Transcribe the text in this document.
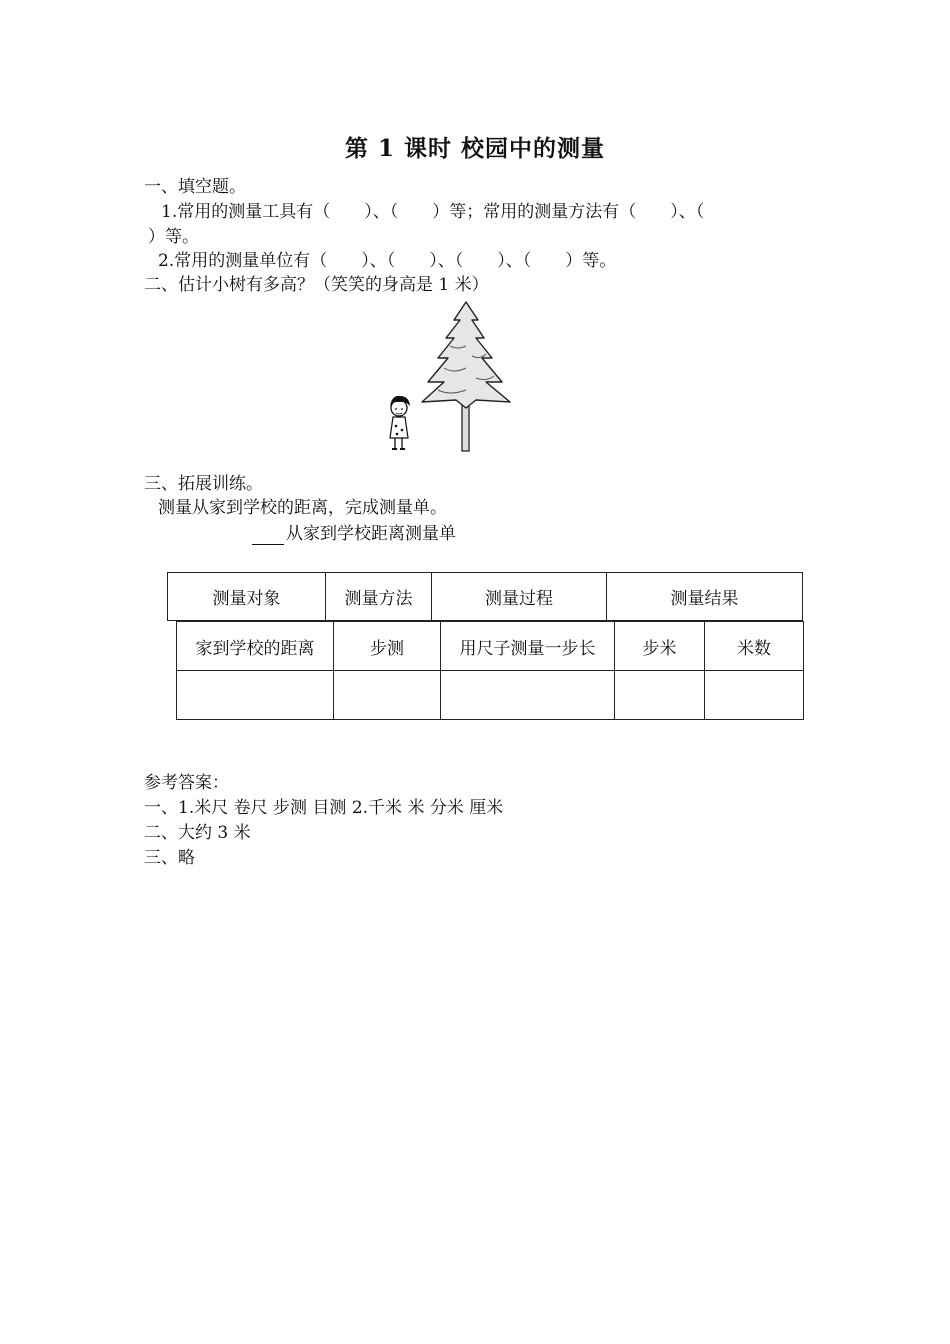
第 1 课时 校园中的测量
一、填空题。
1.常用的测量工具有（　　）、（　　）等；常用的测量方法有（　　）、（
）等。
2.常用的测量单位有（　　）、（　　）、（　　）、（　　）等。
二、估计小树有多高？（笑笑的身高是 1 米）
三、拓展训练。
测量从家到学校的距离，完成测量单。
从家到学校距离测量单
测量对象	测量方法	测量过程	测量结果
家到学校的距离	步测	用尺子测量一步长	步米	米数
参考答案：
一、1.米尺 卷尺 步测 目测 2.千米 米 分米 厘米
二、大约 3 米
三、略
